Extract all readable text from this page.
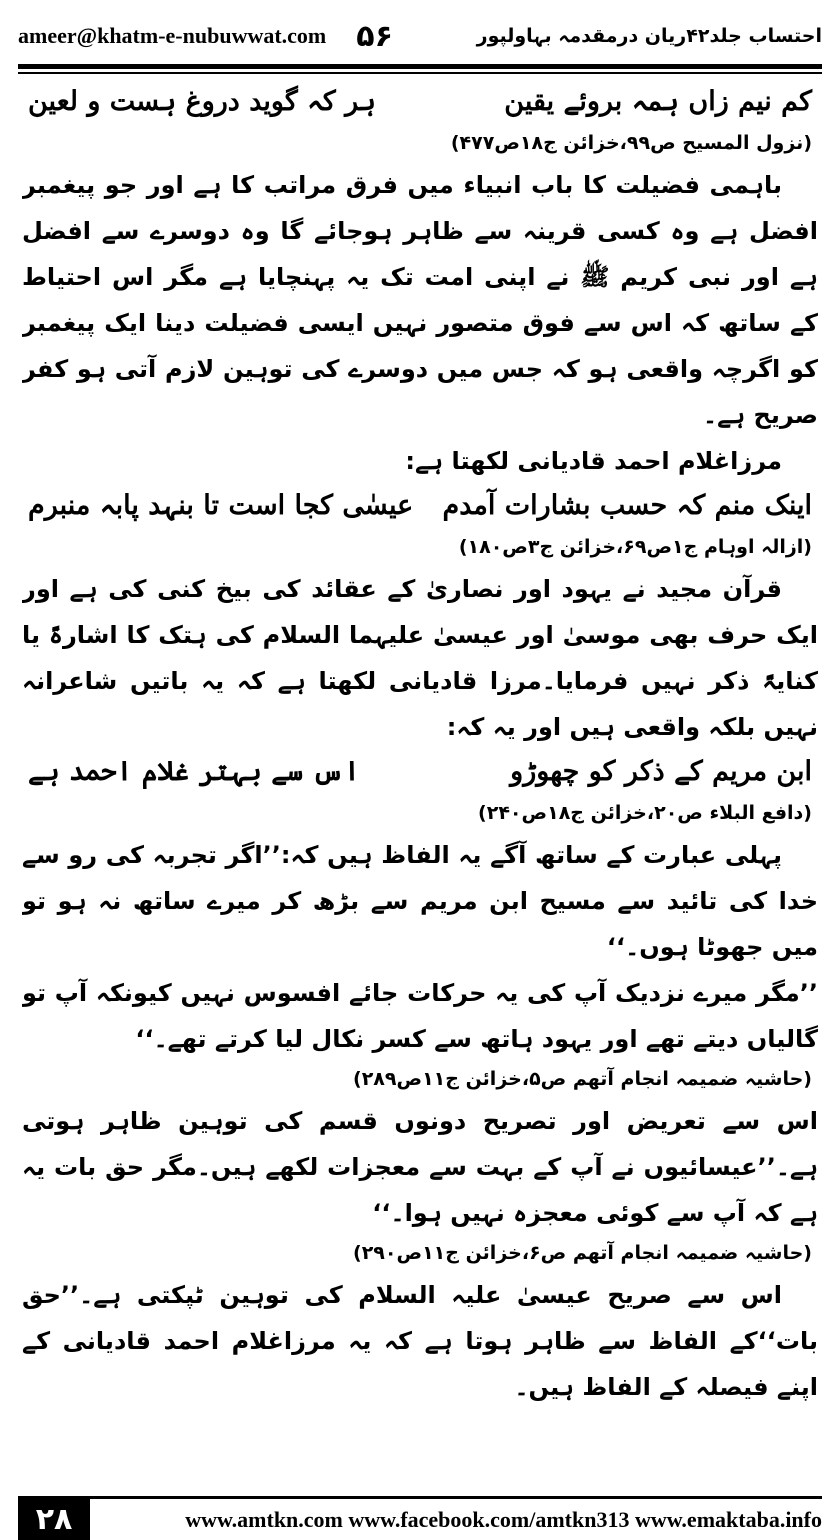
ameer@khatm-e-nubuwwat.com ۵۶	احتساب جلد۴۲ریان درمقدمہ بہاولپور
کم نیم زاں ہمہ بروئے یقین
ہر کہ گوید دروغ ہست و لعین
(نزول المسیح ص۹۹،خزائن ج۱۸ص۴۷۷)

باہمی فضیلت کا باب انبیاء میں فرق مراتب کا ہے اور جو پیغمبر افضل ہے وہ کسی قرینہ سے ظاہر ہوجائے گا وہ دوسرے سے افضل ہے اور نبی کریم ﷺ نے اپنی امت تک یہ پہنچایا ہے مگر اس احتیاط کے ساتھ کہ اس سے فوق متصور نہیں ایسی فضیلت دینا ایک پیغمبر کو اگرچہ واقعی ہو کہ جس میں دوسرے کی توہین لازم آتی ہو کفر صریح ہے۔

مرزاغلام احمد قادیانی لکھتا ہے:

اینک منم کہ حسب بشارات آمدم
عیسٰی کجا است تا بنہد پابہ منبرم
(ازالہ اوہام ج۱ص۶۹،خزائن ج۳ص۱۸۰)

قرآن مجید نے یہود اور نصاریٰ کے عقائد کی بیخ کنی کی ہے اور ایک حرف بھی موسیٰ اور عیسیٰ علیہما السلام کی ہتک کا اشارۃً یا کنایۃً ذکر نہیں فرمایا۔مرزا قادیانی لکھتا ہے کہ یہ باتیں شاعرانہ نہیں بلکہ واقعی ہیں اور یہ کہ:

ابن مریم کے ذکر کو چھوڑو
اس سے بہتر غلام احمد ہے
(دافع البلاء ص۲۰،خزائن ج۱۸ص۲۴۰)

پہلی عبارت کے ساتھ آگے یہ الفاظ ہیں کہ:’’اگر تجربہ کی رو سے خدا کی تائید سے مسیح ابن مریم سے بڑھ کر میرے ساتھ نہ ہو تو میں جھوٹا ہوں۔‘‘

’’مگر میرے نزدیک آپ کی یہ حرکات جائے افسوس نہیں کیونکہ آپ تو گالیاں دیتے تھے اور یہود ہاتھ سے کسر نکال لیا کرتے تھے۔‘‘

(حاشیہ ضمیمہ انجام آتھم ص۵،خزائن ج۱۱ص۲۸۹)

اس سے تعریض اور تصریح دونوں قسم کی توہین ظاہر ہوتی ہے۔’’عیسائیوں نے آپ کے بہت سے معجزات لکھے ہیں۔مگر حق بات یہ ہے کہ آپ سے کوئی معجزہ نہیں ہوا۔‘‘

(حاشیہ ضمیمہ انجام آتھم ص۶،خزائن ج۱۱ص۲۹۰)

اس سے صریح عیسیٰ علیہ السلام کی توہین ٹپکتی ہے۔’’حق بات‘‘کے الفاظ سے ظاہر ہوتا ہے کہ یہ مرزاغلام احمد قادیانی کے اپنے فیصلہ کے الفاظ ہیں۔

۲۸	www.amtkn.com www.facebook.com/amtkn313 www.emaktaba.info
